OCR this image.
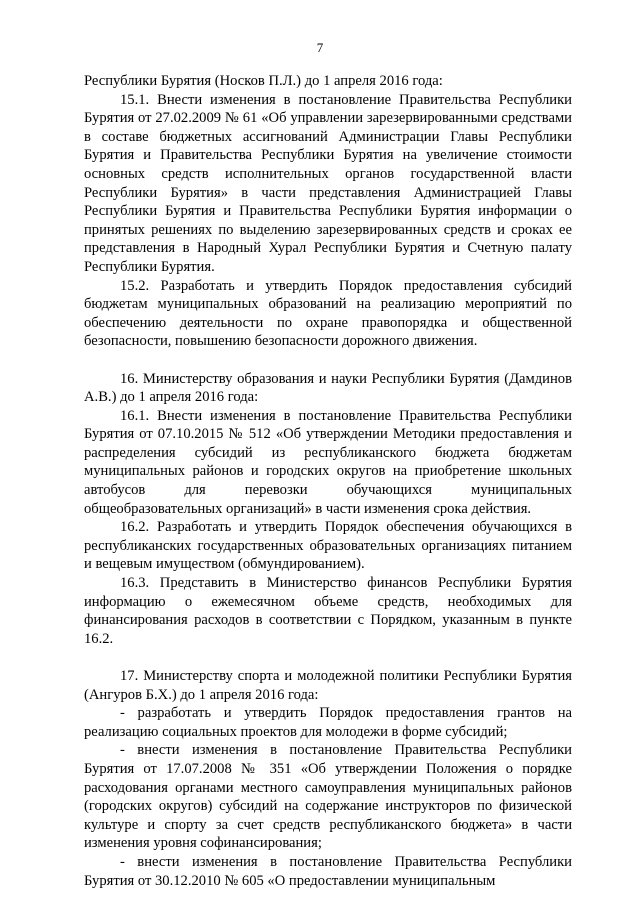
7

Республики Бурятия (Носков П.Л.) до 1 апреля 2016 года:

15.1. Внести изменения в постановление Правительства Республики Бурятия от 27.02.2009 № 61 «Об управлении зарезервированными средствами в составе бюджетных ассигнований Администрации Главы Республики Бурятия и Правительства Республики Бурятия на увеличение стоимости основных средств исполнительных органов государственной власти Республики Бурятия» в части представления Администрацией Главы Республики Бурятия и Правительства Республики Бурятия информации о принятых решениях по выделению зарезервированных средств и сроках ее представления в Народный Хурал Республики Бурятия и Счетную палату Республики Бурятия.

15.2. Разработать и утвердить Порядок предоставления субсидий бюджетам муниципальных образований на реализацию мероприятий по обеспечению деятельности по охране правопорядка и общественной безопасности, повышению безопасности дорожного движения.

16. Министерству образования и науки Республики Бурятия (Дамдинов А.В.) до 1 апреля 2016 года:

16.1. Внести изменения в постановление Правительства Республики Бурятия от 07.10.2015 № 512 «Об утверждении Методики предоставления и распределения субсидий из республиканского бюджета бюджетам муниципальных районов и городских округов на приобретение школьных автобусов для перевозки обучающихся муниципальных общеобразовательных организаций» в части изменения срока действия.

16.2. Разработать и утвердить Порядок обеспечения обучающихся в республиканских государственных образовательных организациях питанием и вещевым имуществом (обмундированием).

16.3. Представить в Министерство финансов Республики Бурятия информацию о ежемесячном объеме средств, необходимых для финансирования расходов в соответствии с Порядком, указанным в пункте 16.2.

17. Министерству спорта и молодежной политики Республики Бурятия (Ангуров Б.Х.) до 1 апреля 2016 года:

- разработать и утвердить Порядок предоставления грантов на реализацию социальных проектов для молодежи в форме субсидий;

- внести изменения в постановление Правительства Республики Бурятия от 17.07.2008 № 351 «Об утверждении Положения о порядке расходования органами местного самоуправления муниципальных районов (городских округов) субсидий на содержание инструкторов по физической культуре и спорту за счет средств республиканского бюджета» в части изменения уровня софинансирования;

- внести изменения в постановление Правительства Республики Бурятия от 30.12.2010 № 605 «О предоставлении муниципальным
